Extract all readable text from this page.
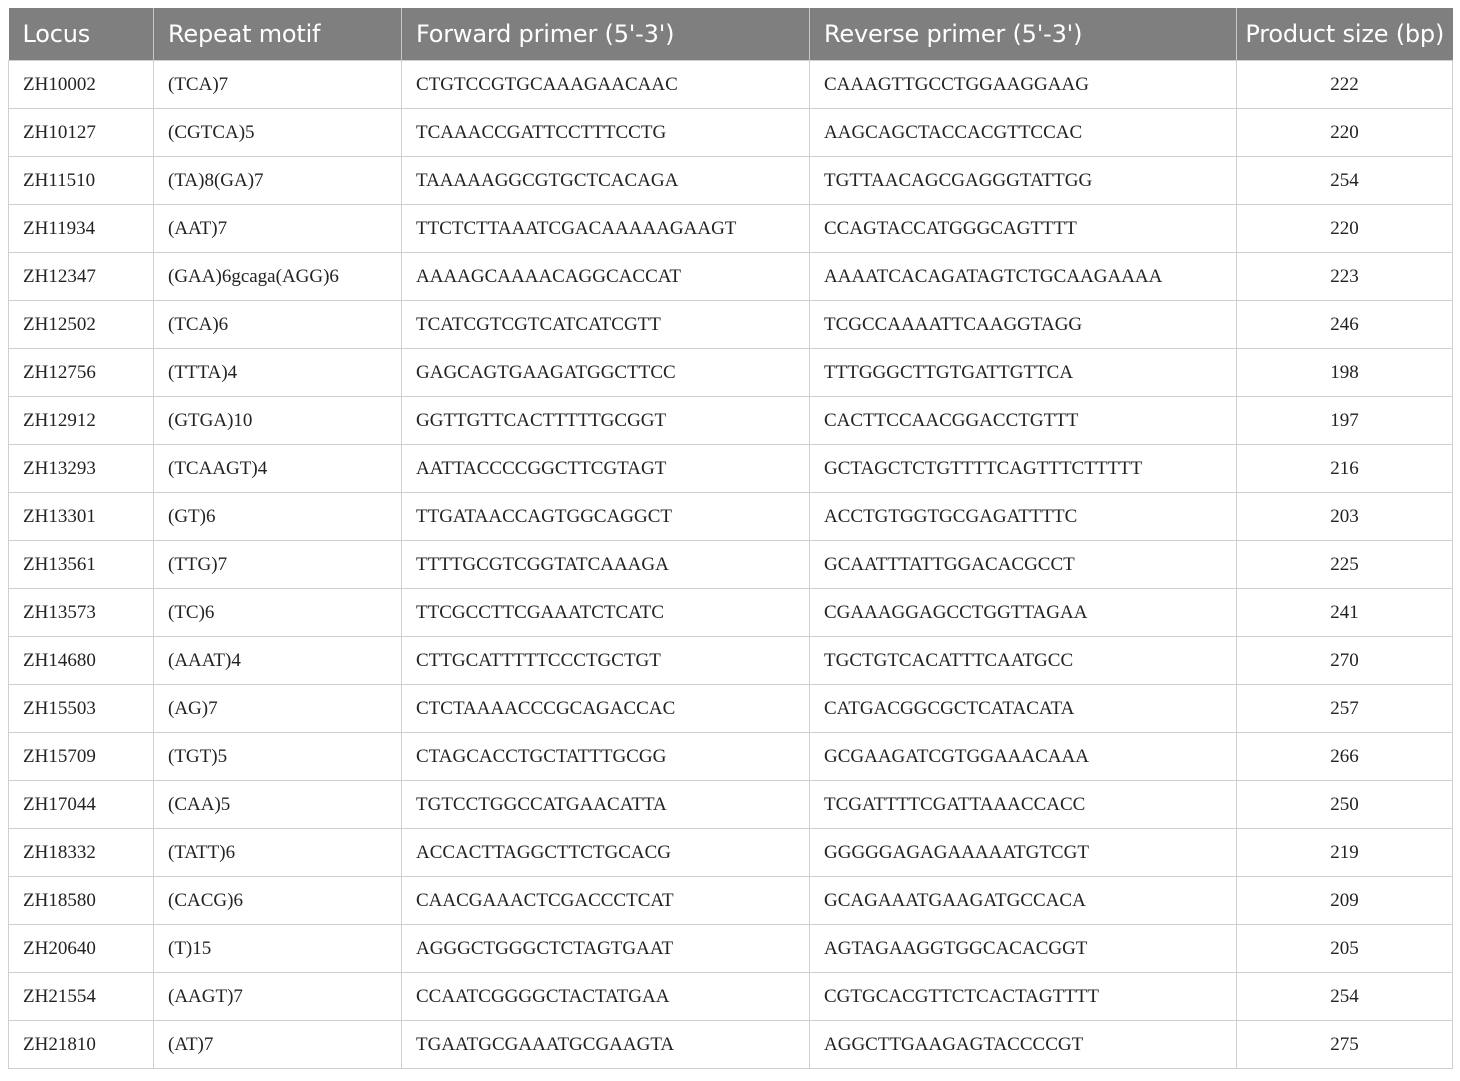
Locus	Repeat motif	Forward primer (5'-3')	Reverse primer (5'-3')	Product size (bp)
ZH10002	(TCA)7	CTGTCCGTGCAAAGAACAAC	CAAAGTTGCCTGGAAGGAAG	222
ZH10127	(CGTCA)5	TCAAACCGATTCCTTTCCTG	AAGCAGCTACCACGTTCCAC	220
ZH11510	(TA)8(GA)7	TAAAAAGGCGTGCTCACAGA	TGTTAACAGCGAGGGTATTGG	254
ZH11934	(AAT)7	TTCTCTTAAATCGACAAAAAGAAGT	CCAGTACCATGGGCAGTTTT	220
ZH12347	(GAA)6gcaga(AGG)6	AAAAGCAAAACAGGCACCAT	AAAATCACAGATAGTCTGCAAGAAAA	223
ZH12502	(TCA)6	TCATCGTCGTCATCATCGTT	TCGCCAAAATTCAAGGTAGG	246
ZH12756	(TTTA)4	GAGCAGTGAAGATGGCTTCC	TTTGGGCTTGTGATTGTTCA	198
ZH12912	(GTGA)10	GGTTGTTCACTTTTTGCGGT	CACTTCCAACGGACCTGTTT	197
ZH13293	(TCAAGT)4	AATTACCCCGGCTTCGTAGT	GCTAGCTCTGTTTTCAGTTTCTTTTT	216
ZH13301	(GT)6	TTGATAACCAGTGGCAGGCT	ACCTGTGGTGCGAGATTTTC	203
ZH13561	(TTG)7	TTTTGCGTCGGTATCAAAGA	GCAATTTATTGGACACGCCT	225
ZH13573	(TC)6	TTCGCCTTCGAAATCTCATC	CGAAAGGAGCCTGGTTAGAA	241
ZH14680	(AAAT)4	CTTGCATTTTTCCCTGCTGT	TGCTGTCACATTTCAATGCC	270
ZH15503	(AG)7	CTCTAAAACCCGCAGACCAC	CATGACGGCGCTCATACATA	257
ZH15709	(TGT)5	CTAGCACCTGCTATTTGCGG	GCGAAGATCGTGGAAACAAA	266
ZH17044	(CAA)5	TGTCCTGGCCATGAACATTA	TCGATTTTCGATTAAACCACC	250
ZH18332	(TATT)6	ACCACTTAGGCTTCTGCACG	GGGGGAGAGAAAAATGTCGT	219
ZH18580	(CACG)6	CAACGAAACTCGACCCTCAT	GCAGAAATGAAGATGCCACA	209
ZH20640	(T)15	AGGGCTGGGCTCTAGTGAAT	AGTAGAAGGTGGCACACGGT	205
ZH21554	(AAGT)7	CCAATCGGGGCTACTATGAA	CGTGCACGTTCTCACTAGTTTT	254
ZH21810	(AT)7	TGAATGCGAAATGCGAAGTA	AGGCTTGAAGAGTACCCCGT	275
